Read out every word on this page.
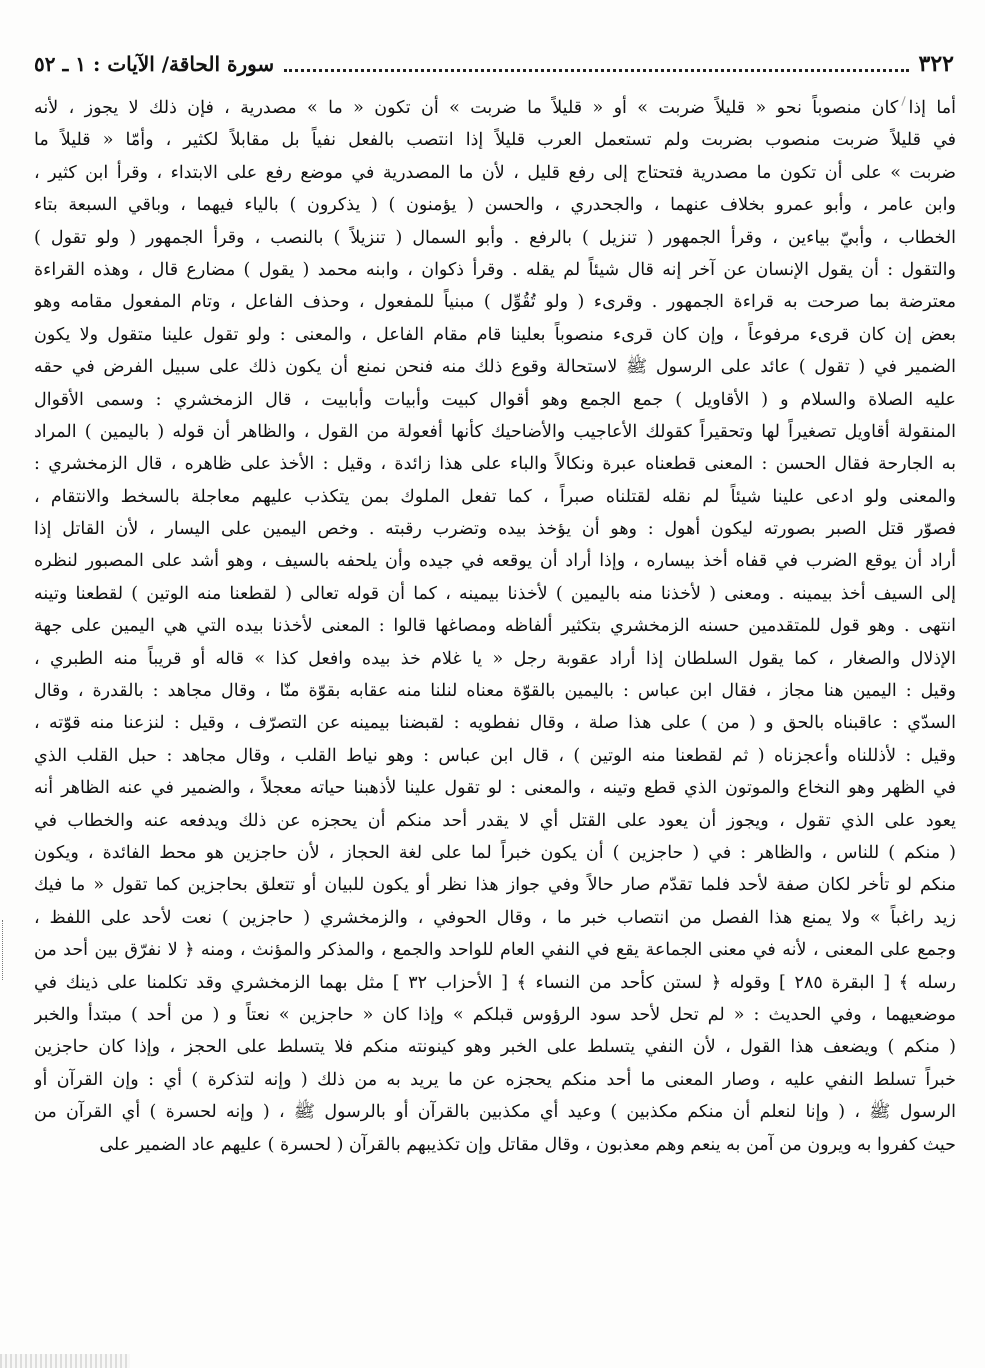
٣٢٢
سورة الحاقة/ الآيات : ١ ـ ٥٢
أما إذا كان منصوباً نحو « قليلاً ضربت » أو « قليلاً ما ضربت » أن تكون « ما » مصدرية ، فإن ذلك لا يجوز ، لأنه
في قليلاً ضربت منصوب بضربت ولم تستعمل العرب قليلاً إذا انتصب بالفعل نفياً بل مقابلاً لكثير ، وأمّا « قليلاً ما
ضربت » على أن تكون ما مصدرية فتحتاج إلى رفع قليل ، لأن ما المصدرية في موضع رفع على الابتداء ، وقرأ ابن كثير ،
وابن عامر ، وأبو عمرو بخلاف عنهما ، والجحدري ، والحسن ( يؤمنون ) ( يذكرون ) بالياء فيهما ، وباقي السبعة بتاء
الخطاب ، وأبيّ بياءين ، وقرأ الجمهور ( تنزيل ) بالرفع . وأبو السمال ( تنزيلاً ) بالنصب ، وقرأ الجمهور ( ولو تقول )
والتقول : أن يقول الإنسان عن آخر إنه قال شيئاً لم يقله . وقرأ ذكوان ، وابنه محمد ( يقول ) مضارع قال ، وهذه القراءة
معترضة بما صرحت به قراءة الجمهور . وقرىء ( ولو تُقُوِّل ) مبنياً للمفعول ، وحذف الفاعل ، وتام المفعول مقامه وهو
بعض إن كان قرىء مرفوعاً ، وإن كان قرىء منصوباً بعلينا قام مقام الفاعل ، والمعنى : ولو تقول علينا متقول ولا يكون
الضمير في ( تقول ) عائد على الرسول ﷺ لاستحالة وقوع ذلك منه فنحن نمنع أن يكون ذلك على سبيل الفرض في حقه
عليه الصلاة والسلام و ( الأقاويل ) جمع الجمع وهو أقوال كبيت وأبيات وأبابيت ، قال الزمخشري : وسمى الأقوال
المنقولة أقاويل تصغيراً لها وتحقيراً كقولك الأعاجيب والأضاحيك كأنها أفعولة من القول ، والظاهر أن قوله ( باليمين ) المراد
به الجارحة فقال الحسن : المعنى قطعناه عبرة ونكالاً والباء على هذا زائدة ، وقيل : الأخذ على ظاهره ، قال الزمخشري :
والمعنى ولو ادعى علينا شيئاً لم نقله لقتلناه صبراً ، كما تفعل الملوك بمن يتكذب عليهم معاجلة بالسخط والانتقام ،
فصوّر قتل الصبر بصورته ليكون أهول : وهو أن يؤخذ بيده وتضرب رقبته . وخص اليمين على اليسار ، لأن القاتل إذا
أراد أن يوقع الضرب في قفاه أخذ بيساره ، وإذا أراد أن يوقعه في جيده وأن يلحفه بالسيف ، وهو أشد على المصبور لنظره
إلى السيف أخذ بيمينه . ومعنى ( لأخذنا منه باليمين ) لأخذنا بيمينه ، كما أن قوله تعالى ( لقطعنا منه الوتين ) لقطعنا وتينه
انتهى . وهو قول للمتقدمين حسنه الزمخشري بتكثير ألفاظه ومصاغها قالوا : المعنى لأخذنا بيده التي هي اليمين على جهة
الإذلال والصغار ، كما يقول السلطان إذا أراد عقوبة رجل « يا غلام خذ بيده وافعل كذا » قاله أو قريباً منه الطبري ،
وقيل : اليمين هنا مجاز ، فقال ابن عباس : باليمين بالقوّة معناه لنلنا منه عقابه بقوّة منّا ، وقال مجاهد : بالقدرة ، وقال
السدّي : عاقبناه بالحق و ( من ) على هذا صلة ، وقال نفطويه : لقبضنا بيمينه عن التصرّف ، وقيل : لنزعنا منه قوّته ،
وقيل : لأذللناه وأعجزناه ( ثم لقطعنا منه الوتين ) ، قال ابن عباس : وهو نياط القلب ، وقال مجاهد : حبل القلب الذي
في الظهر وهو النخاع والموتون الذي قطع وتينه ، والمعنى : لو تقول علينا لأذهبنا حياته معجلاً ، والضمير في عنه الظاهر أنه
يعود على الذي تقول ، ويجوز أن يعود على القتل أي لا يقدر أحد منكم أن يحجزه عن ذلك ويدفعه عنه والخطاب في
( منكم ) للناس ، والظاهر : في ( حاجزين ) أن يكون خبراً لما على لغة الحجاز ، لأن حاجزين هو محط الفائدة ، ويكون
منكم لو تأخر لكان صفة لأحد فلما تقدّم صار حالاً وفي جواز هذا نظر أو يكون للبيان أو تتعلق بحاجزين كما تقول « ما فيك
زيد راغباً » ولا يمنع هذا الفصل من انتصاب خبر ما ، وقال الحوفي ، والزمخشري ( حاجزين ) نعت لأحد على اللفظ ،
وجمع على المعنى ، لأنه في معنى الجماعة يقع في النفي العام للواحد والجمع ، والمذكر والمؤنث ، ومنه ﴿ لا نفرّق بين أحد من
رسله ﴾ [ البقرة ٢٨٥ ] وقوله ﴿ لستن كأحد من النساء ﴾ [ الأحزاب ٣٢ ] مثل بهما الزمخشري وقد تكلمنا على ذينك في
موضعيهما ، وفي الحديث : « لم تحل لأحد سود الرؤوس قبلكم » وإذا كان « حاجزين » نعتاً و ( من أحد ) مبتدأ والخبر
( منكم ) ويضعف هذا القول ، لأن النفي يتسلط على الخبر وهو كينونته منكم فلا يتسلط على الحجز ، وإذا كان حاجزين
خبراً تسلط النفي عليه ، وصار المعنى ما أحد منكم يحجزه عن ما يريد به من ذلك ( وإنه لتذكرة ) أي : وإن القرآن أو
الرسول ﷺ ، ( وإنا لنعلم أن منكم مكذبين ) وعيد أي مكذبين بالقرآن أو بالرسول ﷺ ، ( وإنه لحسرة ) أي القرآن من
حيث كفروا به ويرون من آمن به ينعم وهم معذبون ، وقال مقاتل وإن تكذيبهم بالقرآن ( لحسرة ) عليهم عاد الضمير على
